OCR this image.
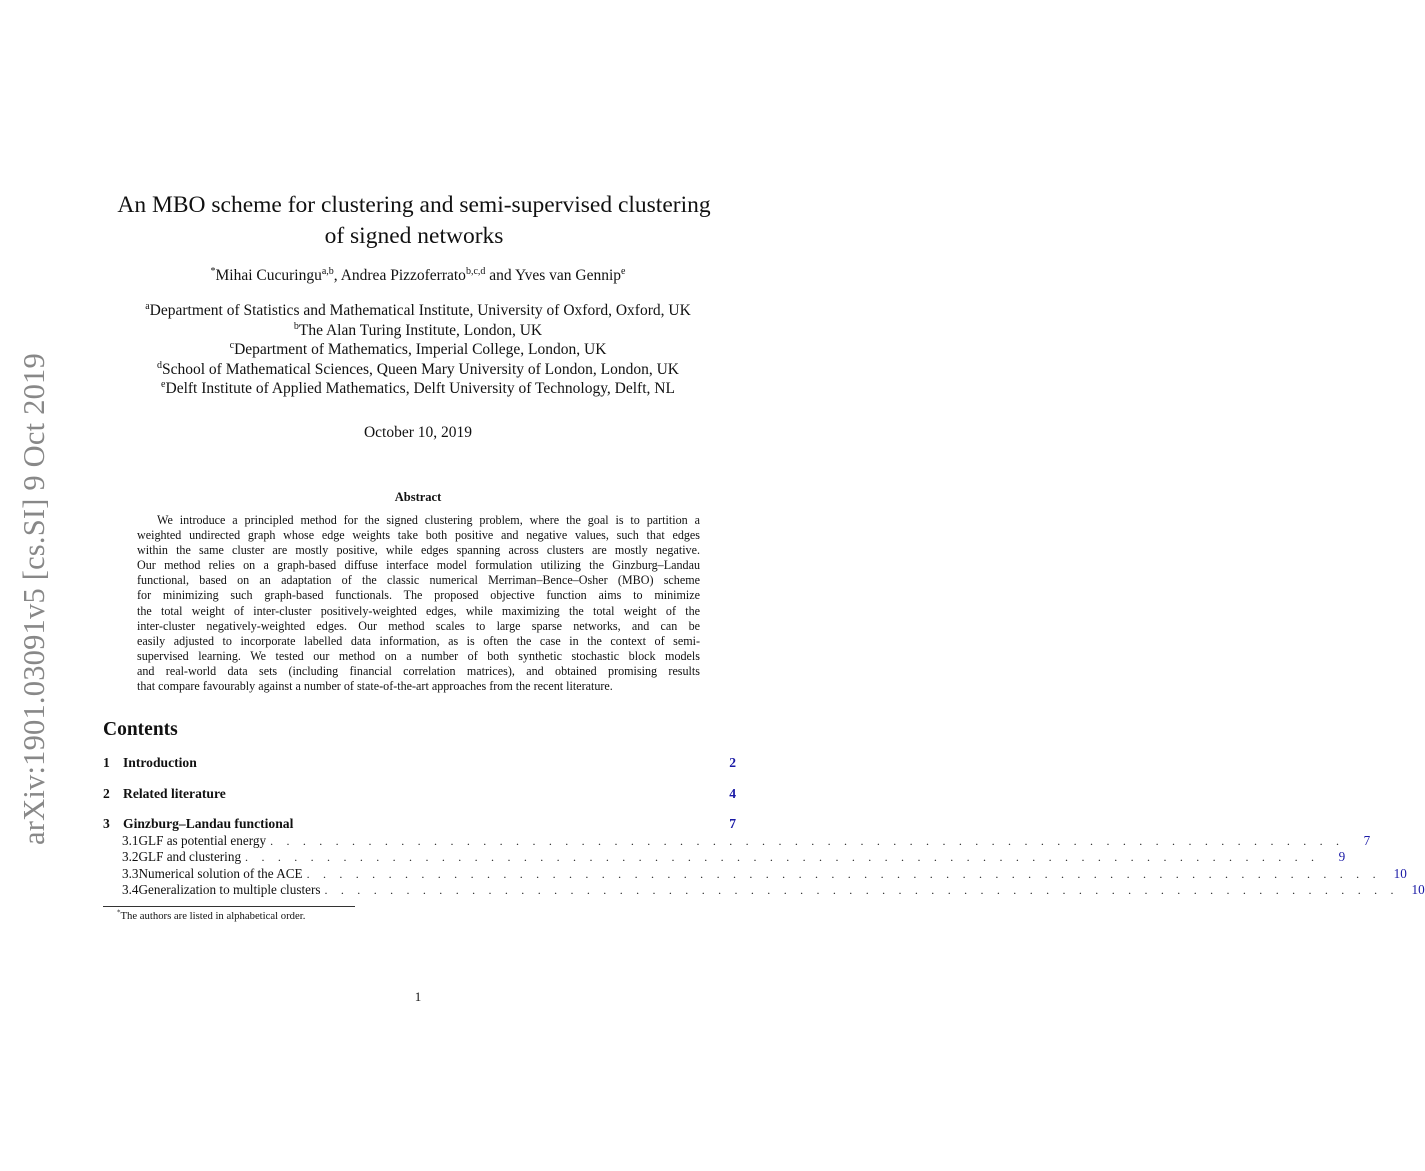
arXiv:1901.03091v5 [cs.SI] 9 Oct 2019
An MBO scheme for clustering and semi-supervised clustering
of signed networks
*Mihai Cucuringu$^{a,b}$, Andrea Pizzoferrato$^{b,c,d}$ and Yves van Gennip$^e$
$^a$Department of Statistics and Mathematical Institute, University of Oxford, Oxford, UK
$^b$The Alan Turing Institute, London, UK
$^c$Department of Mathematics, Imperial College, London, UK
$^d$School of Mathematical Sciences, Queen Mary University of London, London, UK
$^e$Delft Institute of Applied Mathematics, Delft University of Technology, Delft, NL
October 10, 2019
Abstract
We introduce a principled method for the signed clustering problem, where the goal is to partition a
weighted undirected graph whose edge weights take both positive and negative values, such that edges
within the same cluster are mostly positive, while edges spanning across clusters are mostly negative.
Our method relies on a graph-based diffuse interface model formulation utilizing the Ginzburg–Landau
functional, based on an adaptation of the classic numerical Merriman–Bence–Osher (MBO) scheme
for minimizing such graph-based functionals. The proposed objective function aims to minimize
the total weight of inter-cluster positively-weighted edges, while maximizing the total weight of the
inter-cluster negatively-weighted edges. Our method scales to large sparse networks, and can be
easily adjusted to incorporate labelled data information, as is often the case in the context of semi-
supervised learning. We tested our method on a number of both synthetic stochastic block models
and real-world data sets (including financial correlation matrices), and obtained promising results
that compare favourably against a number of state-of-the-art approaches from the recent literature.
Contents
1 Introduction	2
2 Related literature	4
3 Ginzburg–Landau functional	7
3.1 GLF as potential energy . . . . . . . . . . . . . . . . . . . . . . . . . . . . . . . . . . . . . . . . . . . . . . . . . . . . . . . . . . . . . . . . . .	7
3.2 GLF and clustering . . . . . . . . . . . . . . . . . . . . . . . . . . . . . . . . . . . . . . . . . . . . . . . . . . . . . . . . . . . . . . . . . .	9
3.3 Numerical solution of the ACE . . . . . . . . . . . . . . . . . . . . . . . . . . . . . . . . . . . . . . . . . . . . . . . . . . . . . . . . . . . . . . . . . . 10
3.4 Generalization to multiple clusters . . . . . . . . . . . . . . . . . . . . . . . . . . . . . . . . . . . . . . . . . . . . . . . . . . . . . . . . . . . . . . . . . . 10
*The authors are listed in alphabetical order.
1
